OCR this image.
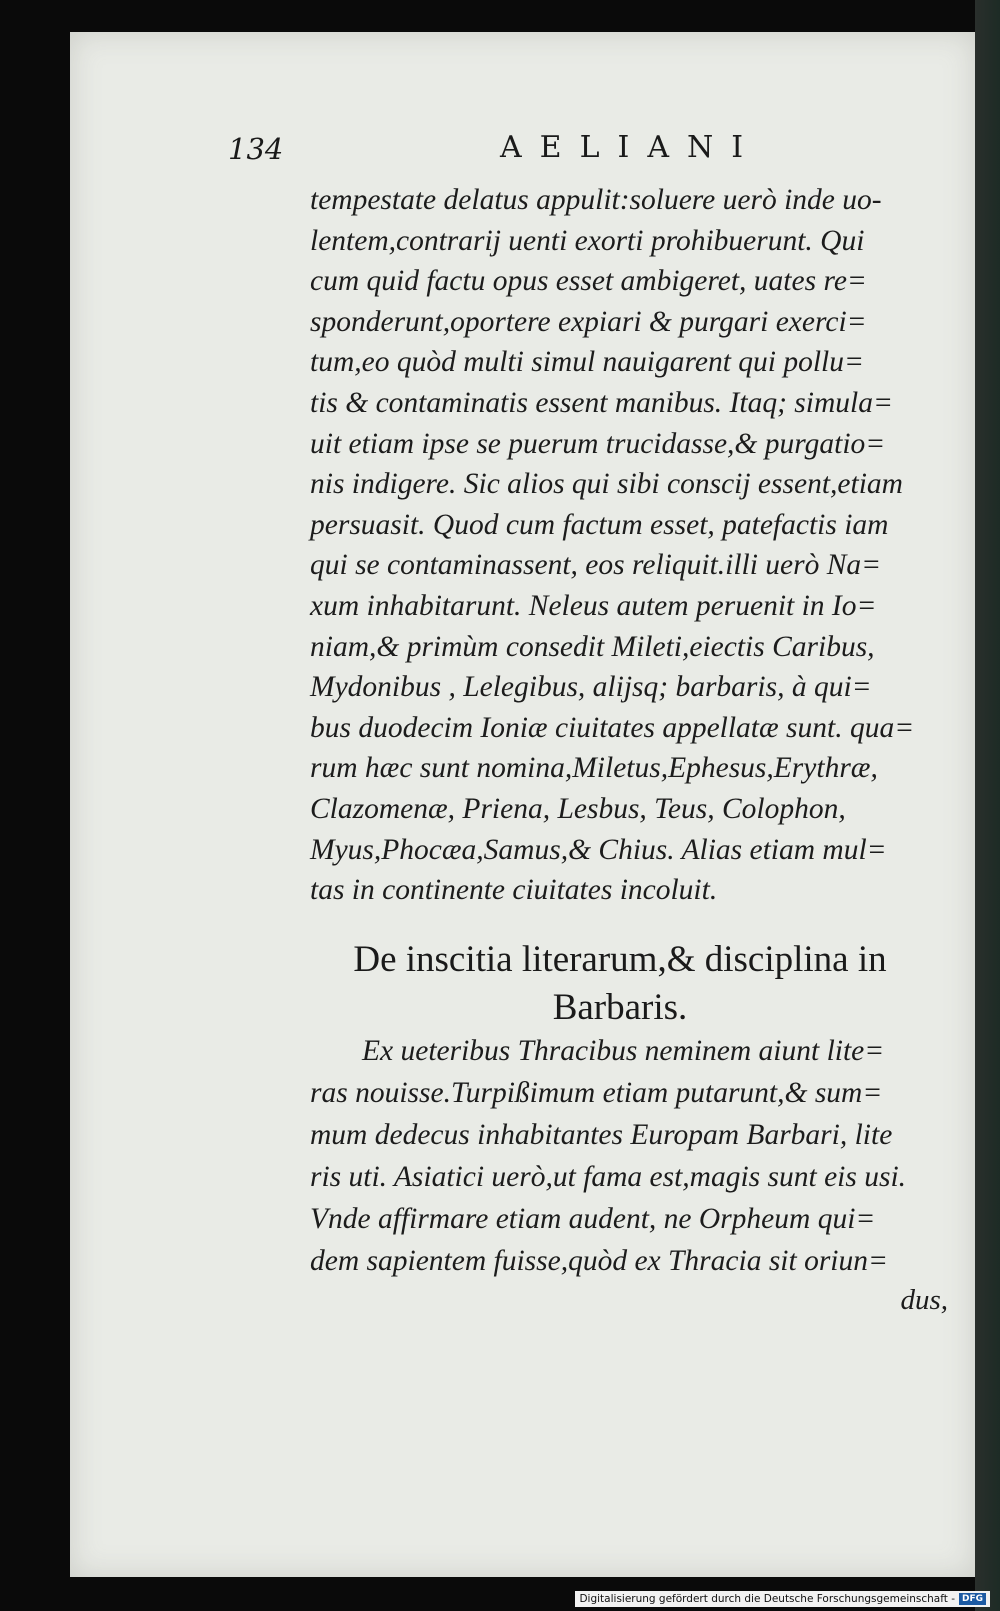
134	AELIANI
tempestate delatus appulit:soluere uerò inde uo-
lentem,contrarij uenti exorti prohibuerunt. Qui
cum quid factu opus esset ambigeret, uates re=
sponderunt,oportere expiari & purgari exerci=
tum,eo quòd multi simul nauigarent qui pollu=
tis & contaminatis essent manibus. Itaq; simula=
uit etiam ipse se puerum trucidasse,& purgatio=
nis indigere. Sic alios qui sibi conscij essent,etiam
persuasit. Quod cum factum esset, patefactis iam
qui se contaminassent, eos reliquit.illi uerò Na=
xum inhabitarunt. Neleus autem peruenit in Io=
niam,& primùm consedit Mileti,eiectis Caribus,
Mydonibus , Lelegibus, alijsq; barbaris, à qui=
bus duodecim Ioniæ ciuitates appellatæ sunt. qua=
rum hæc sunt nomina,Miletus,Ephesus,Erythræ,
Clazomenæ, Priena, Lesbus, Teus, Colophon,
Myus,Phocæa,Samus,& Chius. Alias etiam mul=
tas in continente ciuitates incoluit.
De inscitia literarum,& disciplina in
Barbaris.
Ex ueteribus Thracibus neminem aiunt lite=
ras nouisse.Turpißimum etiam putarunt,& sum=
mum dedecus inhabitantes Europam Barbari, lite
ris uti. Asiatici uerò,ut fama est,magis sunt eis usi.
Vnde affirmare etiam audent, ne Orpheum qui=
dem sapientem fuisse,quòd ex Thracia sit oriun=
dus,
Digitalisierung gefördert durch die Deutsche Forschungsgemeinschaft - DFG
